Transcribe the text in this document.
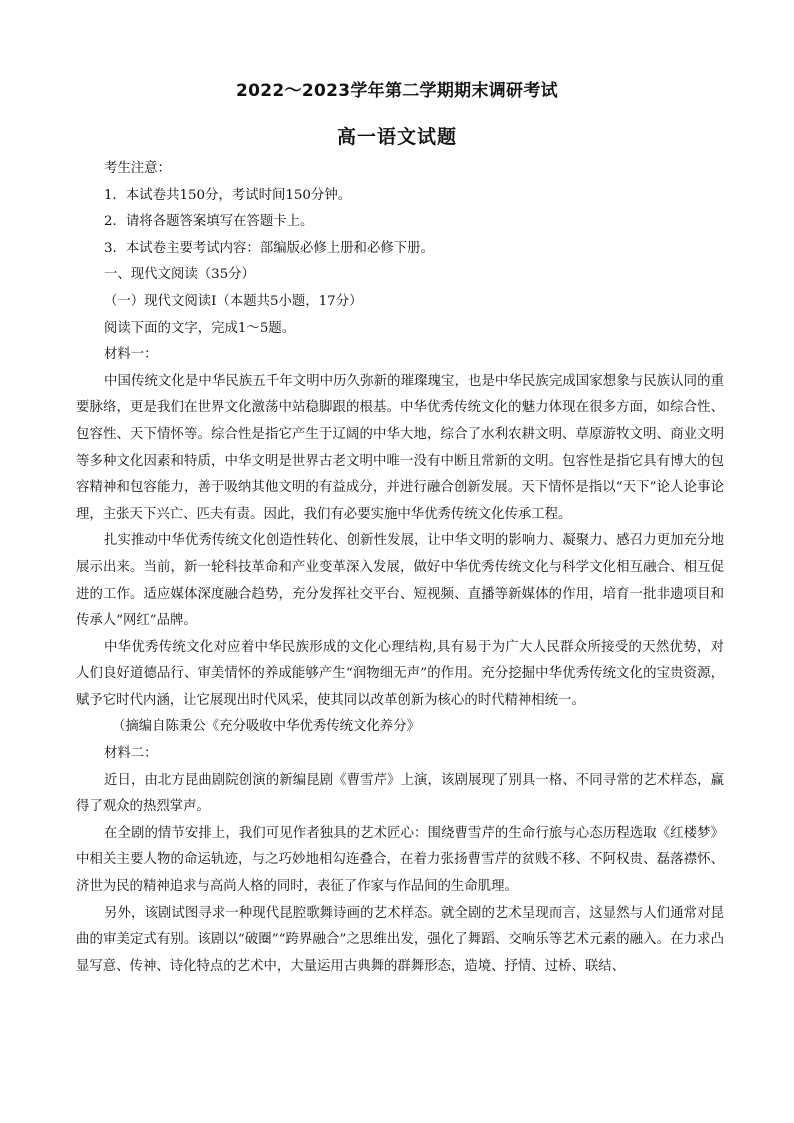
2022～2023学年第二学期期末调研考试
高一语文试题

考生注意：

1．本试卷共150分，考试时间150分钟。

2．请将各题答案填写在答题卡上。

3．本试卷主要考试内容：部编版必修上册和必修下册。

一、现代文阅读（35分）

（一）现代文阅读I（本题共5小题，17分）

阅读下面的文字，完成1～5题。

材料一：

中国传统文化是中华民族五千年文明中历久弥新的璀璨瑰宝，也是中华民族完成国家想象与民族认同的重要脉络，更是我们在世界文化激荡中站稳脚跟的根基。中华优秀传统文化的魅力体现在很多方面，如综合性、包容性、天下情怀等。综合性是指它产生于辽阔的中华大地，综合了水利农耕文明、草原游牧文明、商业文明等多种文化因素和特质，中华文明是世界古老文明中唯一没有中断且常新的文明。包容性是指它具有博大的包容精神和包容能力，善于吸纳其他文明的有益成分，并进行融合创新发展。天下情怀是指以“天下”论人论事论理，主张天下兴亡、匹夫有责。因此，我们有必要实施中华优秀传统文化传承工程。

扎实推动中华优秀传统文化创造性转化、创新性发展，让中华文明的影响力、凝聚力、感召力更加充分地展示出来。当前，新一轮科技革命和产业变革深入发展，做好中华优秀传统文化与科学文化相互融合、相互促进的工作。适应媒体深度融合趋势，充分发挥社交平台、短视频、直播等新媒体的作用，培育一批非遗项目和传承人“网红”品牌。

中华优秀传统文化对应着中华民族形成的文化心理结构,具有易于为广大人民群众所接受的天然优势，对人们良好道德品行、审美情怀的养成能够产生“润物细无声”的作用。充分挖掘中华优秀传统文化的宝贵资源，赋予它时代内涵，让它展现出时代风采，使其同以改革创新为核心的时代精神相统一。

（摘编自陈秉公《充分吸收中华优秀传统文化养分》

材料二：

近日，由北方昆曲剧院创演的新编昆剧《曹雪芹》上演，该剧展现了别具一格、不同寻常的艺术样态，赢得了观众的热烈掌声。

在全剧的情节安排上，我们可见作者独具的艺术匠心：围绕曹雪芹的生命行旅与心态历程选取《红楼梦》中相关主要人物的命运轨迹，与之巧妙地相勾连叠合，在着力张扬曹雪芹的贫贱不移、不阿权贵、磊落襟怀、济世为民的精神追求与高尚人格的同时，表征了作家与作品间的生命肌理。

另外，该剧试图寻求一种现代昆腔歌舞诗画的艺术样态。就全剧的艺术呈现而言，这显然与人们通常对昆曲的审美定式有别。该剧以“破圈”“跨界融合”之思维出发，强化了舞蹈、交响乐等艺术元素的融入。在力求凸显写意、传神、诗化特点的艺术中，大量运用古典舞的群舞形态，造境、抒情、过桥、联结、
